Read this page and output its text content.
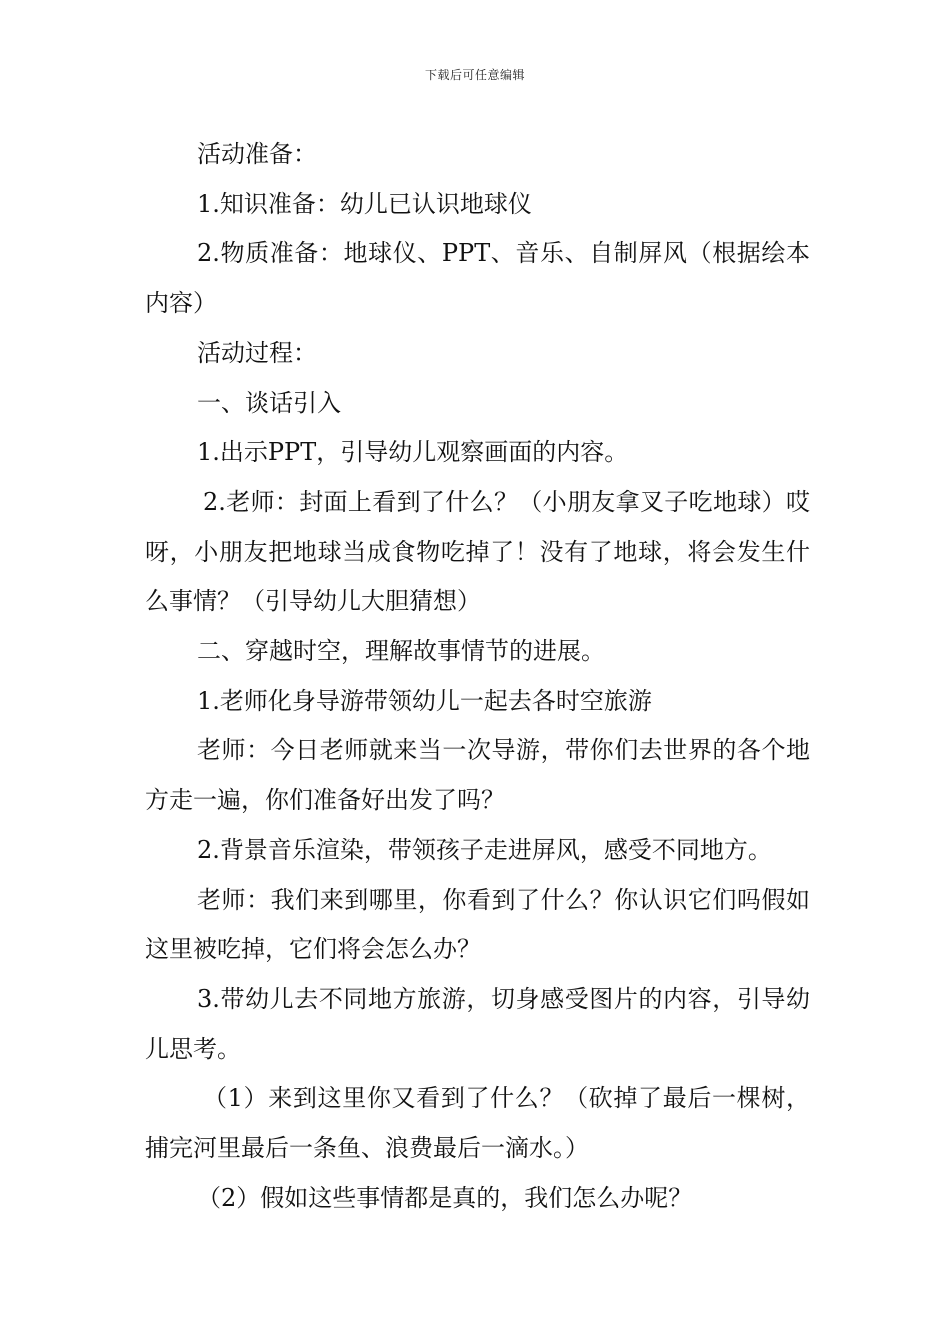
下载后可任意编辑

活动准备：

1.知识准备：幼儿已认识地球仪

2.物质准备：地球仪、PPT、音乐、自制屏风（根据绘本内容）

活动过程：

一、谈话引入

1.出示PPT，引导幼儿观察画面的内容。

2.老师：封面上看到了什么？（小朋友拿叉子吃地球）哎呀，小朋友把地球当成食物吃掉了！没有了地球，将会发生什么事情？（引导幼儿大胆猜想）

二、穿越时空，理解故事情节的进展。

1.老师化身导游带领幼儿一起去各时空旅游

老师：今日老师就来当一次导游，带你们去世界的各个地方走一遍，你们准备好出发了吗？

2.背景音乐渲染，带领孩子走进屏风，感受不同地方。

老师：我们来到哪里，你看到了什么？你认识它们吗假如这里被吃掉，它们将会怎么办？

3.带幼儿去不同地方旅游，切身感受图片的内容，引导幼儿思考。

（1）来到这里你又看到了什么？（砍掉了最后一棵树，捕完河里最后一条鱼、浪费最后一滴水。）

（2）假如这些事情都是真的，我们怎么办呢？
